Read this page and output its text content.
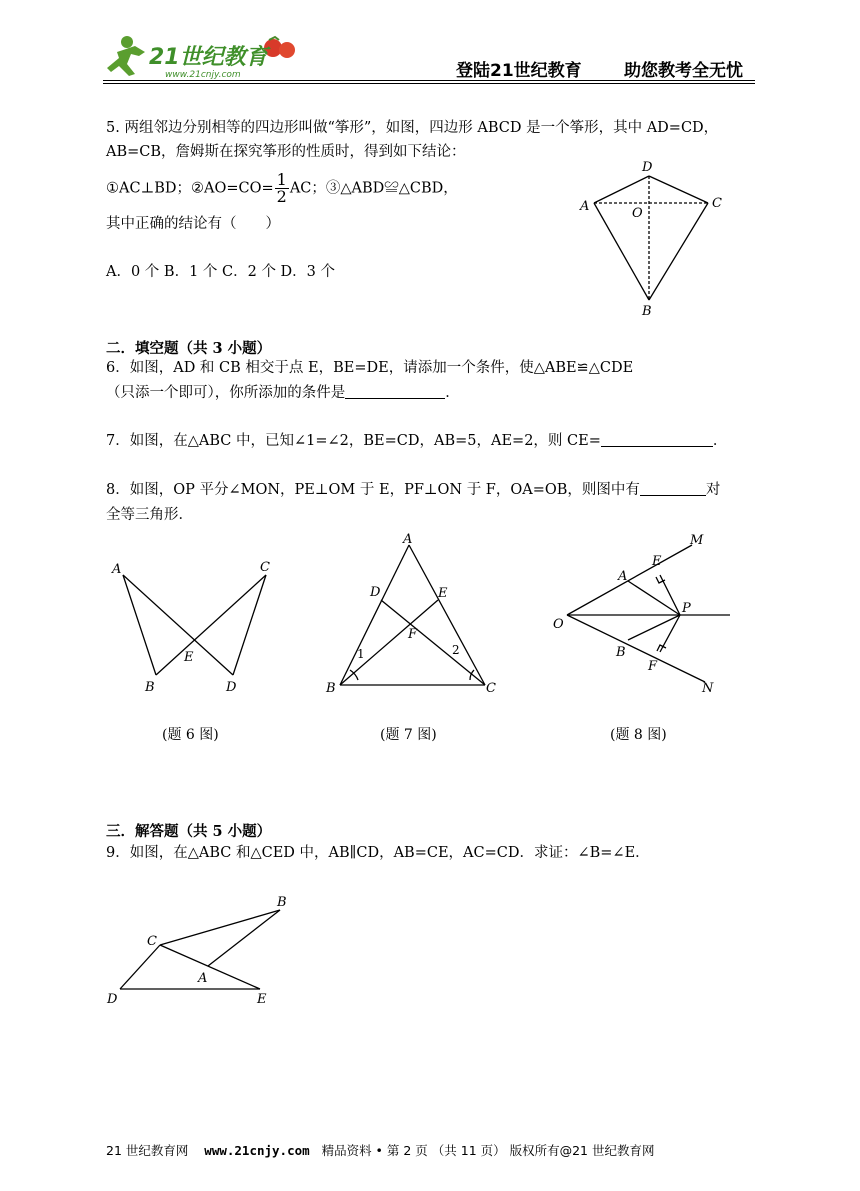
21世纪教育
www.21cnjy.com	登陆21世纪教育 助您教考全无忧
5. 两组邻边分别相等的四边形叫做“筝形”，如图，四边形 ABCD 是一个筝形，其中 AD=CD，
AB=CB，詹姆斯在探究筝形的性质时，得到如下结论：
①AC⊥BD；②AO=CO= $\frac{1}{2}$ AC；③△ABD≌△CBD，
其中正确的结论有（　　）
A．0 个 B．1 个 C．2 个 D．3 个
D
A	C
O
B
二．填空题（共 3 小题）
6．如图，AD 和 CB 相交于点 E，BE=DE，请添加一个条件，使△ABE≌△CDE
（只添一个即可），你所添加的条件是	．
7．如图，在△ABC 中，已知∠1=∠2，BE=CD，AB=5，AE=2，则 CE=	．
8．如图，OP 平分∠MON，PE⊥OM 于 E，PF⊥ON 于 F，OA=OB，则图中有	对
全等三角形．
A	C
E
B	D
(题 6 图)
A
D	E
F
1	2
B	C
(题 7 图)
M
E
A
O
P
B
F
N
(题 8 图)
三．解答题（共 5 小题）
9．如图，在△ABC 和△CED 中，AB∥CD，AB=CE，AC=CD．求证：∠B=∠E．
B
C
A
D	E
21 世纪教育网 www.21cnjy.com 精品资料 • 第 2 页 （共 11 页） 版权所有@21 世纪教育网
